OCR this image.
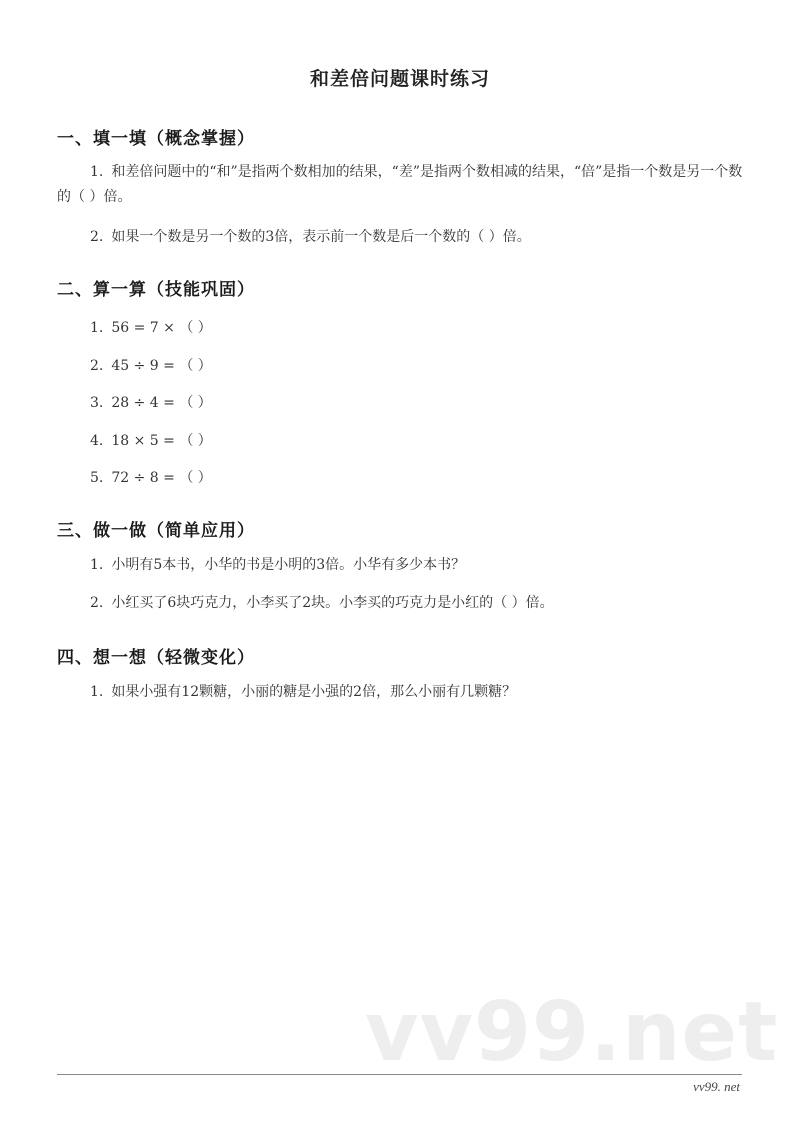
和差倍问题课时练习
一、填一填（概念掌握）
1. 和差倍问题中的“和”是指两个数相加的结果，“差”是指两个数相减的结果，“倍”是指一个数是另一个数的（ ）倍。
2. 如果一个数是另一个数的3倍，表示前一个数是后一个数的（ ）倍。
二、算一算（技能巩固）
1. 56 = 7 × （ ）
2. 45 ÷ 9 = （ ）
3. 28 ÷ 4 = （ ）
4. 18 × 5 = （ ）
5. 72 ÷ 8 = （ ）
三、做一做（简单应用）
1. 小明有5本书，小华的书是小明的3倍。小华有多少本书？
2. 小红买了6块巧克力，小李买了2块。小李买的巧克力是小红的（ ）倍。
四、想一想（轻微变化）
1. 如果小强有12颗糖，小丽的糖是小强的2倍，那么小丽有几颗糖？
vv99.net
vv99. net
